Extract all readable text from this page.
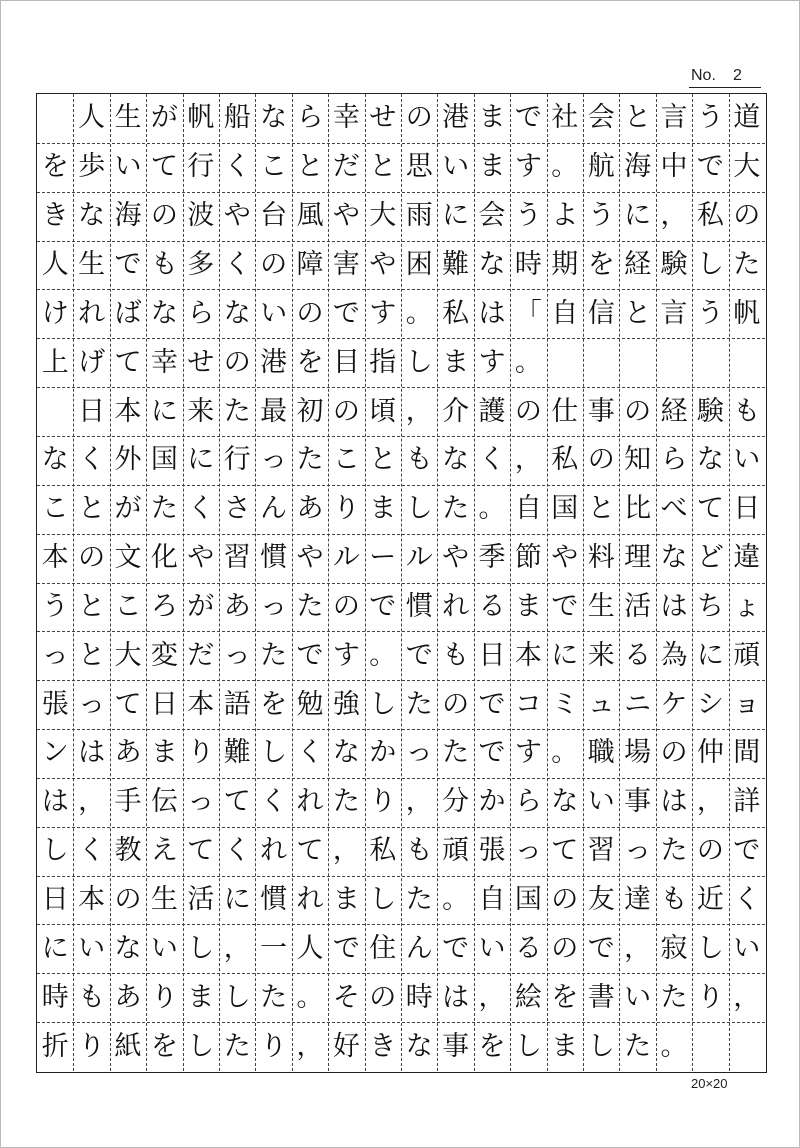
No. 2

人 生 が 帆 船 な ら 幸 せ の 港 ま で 社 会 と 言 う 道
を 歩 い て 行 く こ と だ と 思 い ま す 。 航 海 中 で 大
き な 海 の 波 や 台 風 や 大 雨 に 会 う よ う に ， 私 の
人 生 で も 多 く の 障 害 や 困 難 な 時 期 を 経 験 し た
け れ ば な ら な い の で す 。 私 は 「 自 信 と 言 う 帆
上 げ て 幸 せ の 港 を 目 指 し ま す 。

日 本 に 来 た 最 初 の 頃 ， 介 護 の 仕 事 の 経 験 も
な く 外 国 に 行 っ た こ と も な く ， 私 の 知 ら な い
こ と が た く さ ん あ り ま し た 。 自 国 と 比 べ て 日
本 の 文 化 や 習 慣 や ル ー ル や 季 節 や 料 理 な ど 違
う と こ ろ が あ っ た の で 慣 れ る ま で 生 活 は ち ょ
っ と 大 変 だ っ た で す 。 で も 日 本 に 来 る 為 に 頑
張 っ て 日 本 語 を 勉 強 し た の で コ ミ ュ ニ ケ シ ョ
ン は あ ま り 難 し く な か っ た で す 。 職 場 の 仲 間
は ， 手 伝 っ て く れ た り ， 分 か ら な い 事 は ， 詳
し く 教 え て く れ て ， 私 も 頑 張 っ て 習 っ た の で
日 本 の 生 活 に 慣 れ ま し た 。 自 国 の 友 達 も 近 く
に い な い し ， 一 人 で 住 ん で い る の で ， 寂 し い
時 も あ り ま し た 。 そ の 時 は ， 絵 を 書 い た り ，
折 り 紙 を し た り ， 好 き な 事 を し ま し た 。
20×20
